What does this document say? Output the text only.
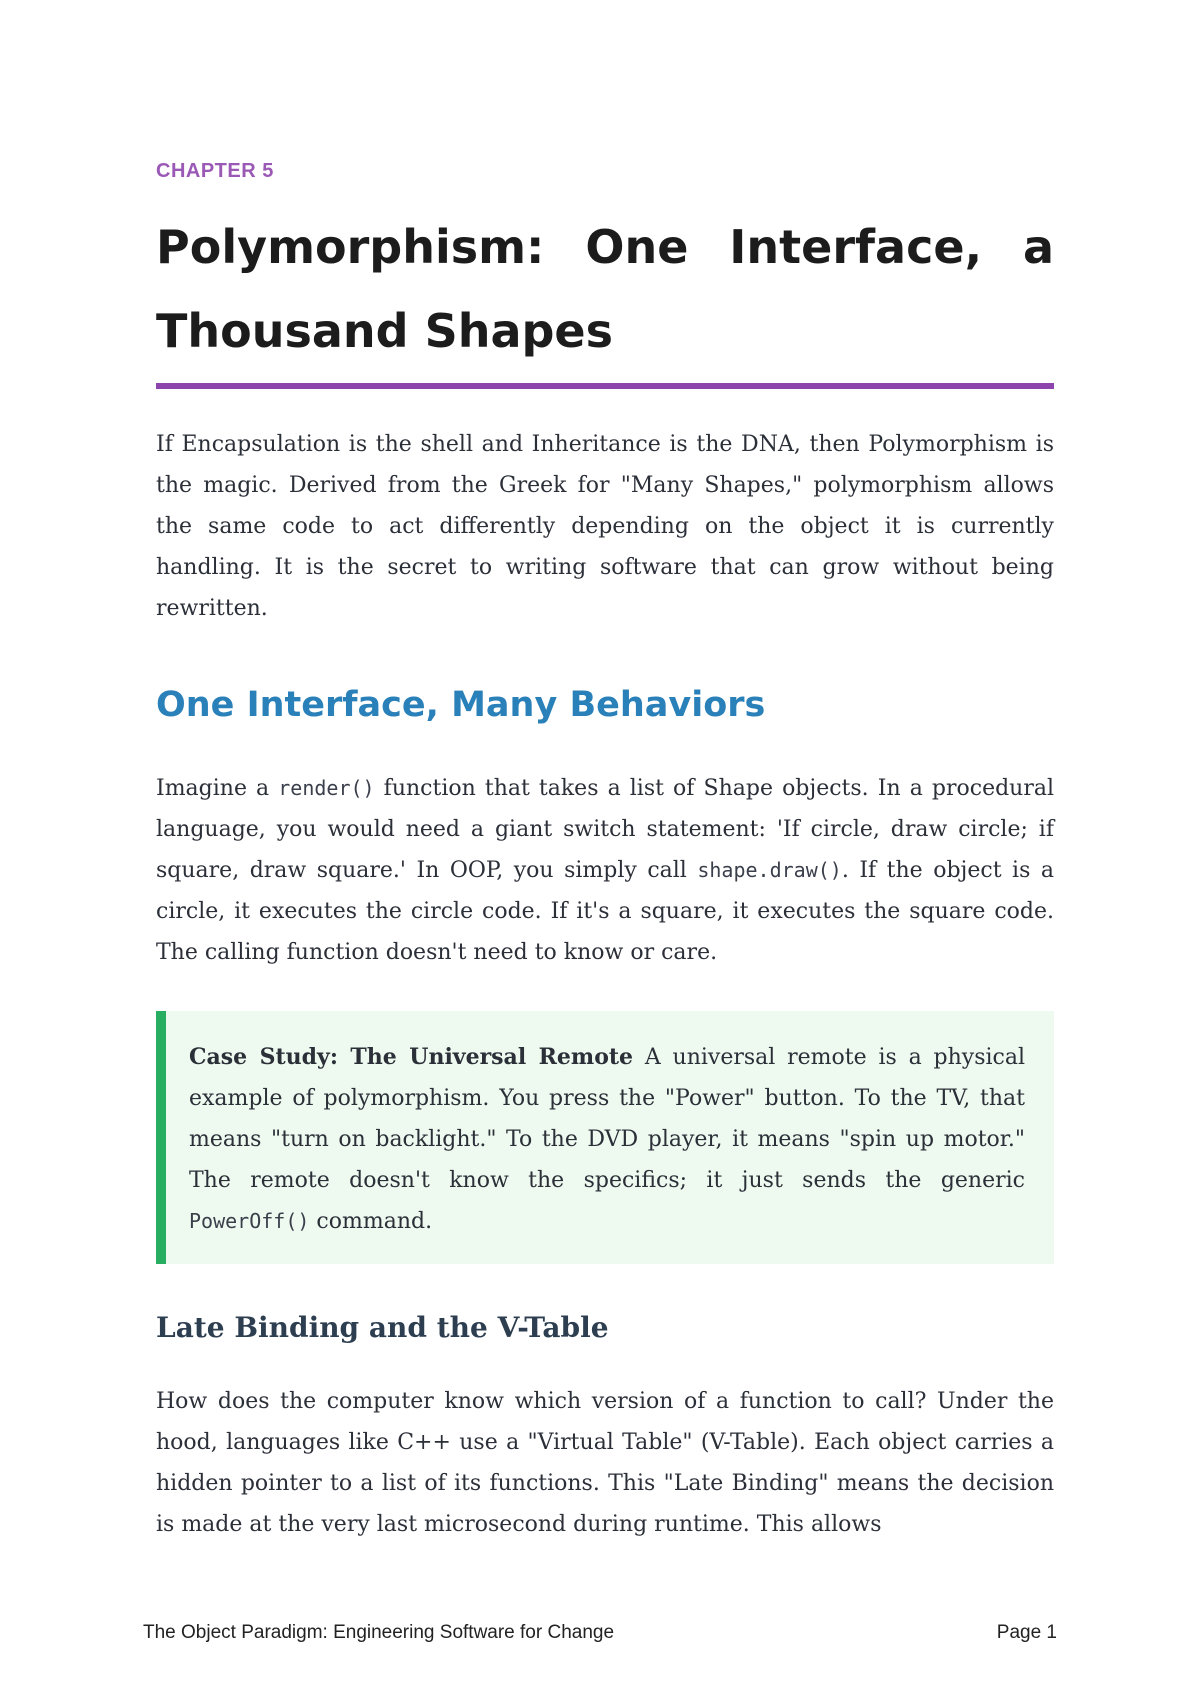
CHAPTER 5
Polymorphism: One Interface, a Thousand Shapes

If Encapsulation is the shell and Inheritance is the DNA, then Polymorphism is the magic. Derived from the Greek for "Many Shapes," polymorphism allows the same code to act differently depending on the object it is currently handling. It is the secret to writing software that can grow without being rewritten.

One Interface, Many Behaviors

Imagine a render() function that takes a list of Shape objects. In a procedural language, you would need a giant switch statement: 'If circle, draw circle; if square, draw square.' In OOP, you simply call shape.draw(). If the object is a circle, it executes the circle code. If it's a square, it executes the square code. The calling function doesn't need to know or care.

Case Study: The Universal Remote A universal remote is a physical example of polymorphism. You press the "Power" button. To the TV, that means "turn on backlight." To the DVD player, it means "spin up motor." The remote doesn't know the specifics; it just sends the generic PowerOff() command.

Late Binding and the V-Table

How does the computer know which version of a function to call? Under the hood, languages like C++ use a "Virtual Table" (V-Table). Each object carries a hidden pointer to a list of its functions. This "Late Binding" means the decision is made at the very last microsecond during runtime. This allows

The Object Paradigm: Engineering Software for Change	Page 1
